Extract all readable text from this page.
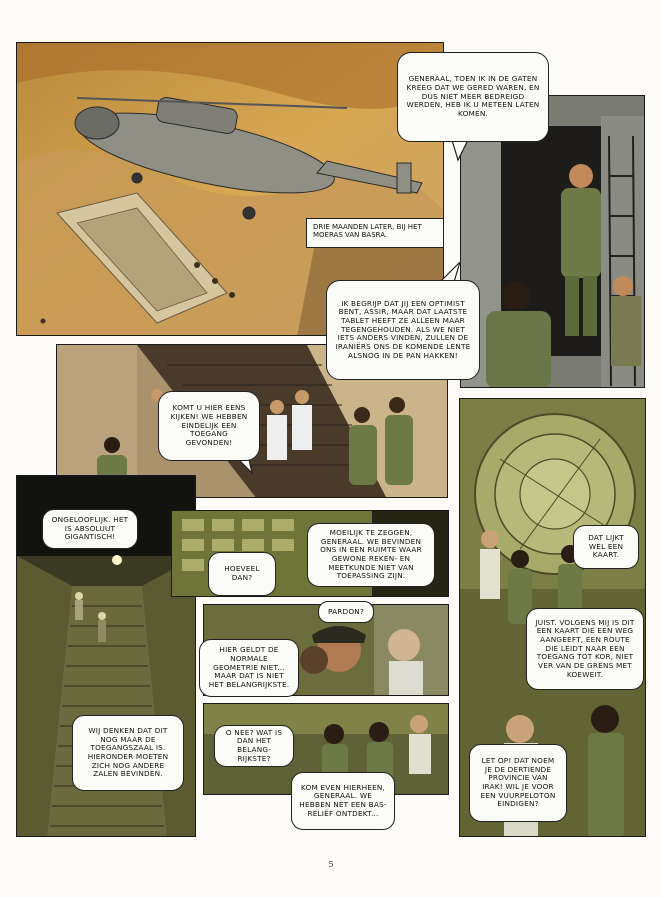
DRIE MAANDEN LATER, BIJ HET MOERAS VAN BASRA.
GENERAAL, TOEN IK IN DE GATEN KREEG DAT WE GERED WAREN, EN DUS NIET MEER BEDREIGD WERDEN, HEB IK U METEEN LATEN KOMEN.
IK BEGRIJP DAT JIJ EEN OPTIMIST BENT, ASSIR, MAAR DAT LAATSTE TABLET HEEFT ZE ALLEEN MAAR TEGENGEHOUDEN. ALS WE NIET IETS ANDERS VINDEN, ZULLEN DE IRANIËRS ONS DE KOMENDE LENTE ALSNOG IN DE PAN HAKKEN!
KOMT U HIER EENS KIJKEN! WE HEBBEN EINDELIJK EEN TOEGANG GEVONDEN!
ONGELOOFLIJK. HET IS ABSOLUUT GIGANTISCH!
WIJ DENKEN DAT DIT NOG MAAR DE TOEGANGSZAAL IS. HIERONDER MOETEN ZICH NOG ANDERE ZALEN BEVINDEN.
HOEVEEL DAN?
MOEILIJK TE ZEGGEN, GENERAAL. WE BEVINDEN ONS IN EEN RUIMTE WAAR GEWONE REKEN- EN MEETKUNDE NIET VAN TOEPASSING ZIJN.
PARDON?
HIER GELDT DE NORMALE GEOMETRIE NIET... MAAR DAT IS NIET HET BELANGRIJKSTE.
O NEE? WAT IS DAN HET BELANGRIJKSTE?
KOM EVEN HIERHEEN, GENERAAL. WE HEBBEN NET EEN BAS-RELIËF ONTDEKT...
DAT LIJKT WEL EEN KAART.
JUIST. VOLGENS MIJ IS DIT EEN KAART DIE EEN WEG AANGEEFT, EEN ROUTE DIE LEIDT NAAR EEN TOEGANG TOT KOR, NIET VER VAN DE GRENS MET KOEWEIT.
LET OP! DAT NOEM JE DE DERTIENDE PROVINCIE VAN IRAK! WIL JE VOOR EEN VUURPELOTON EINDIGEN?
5
